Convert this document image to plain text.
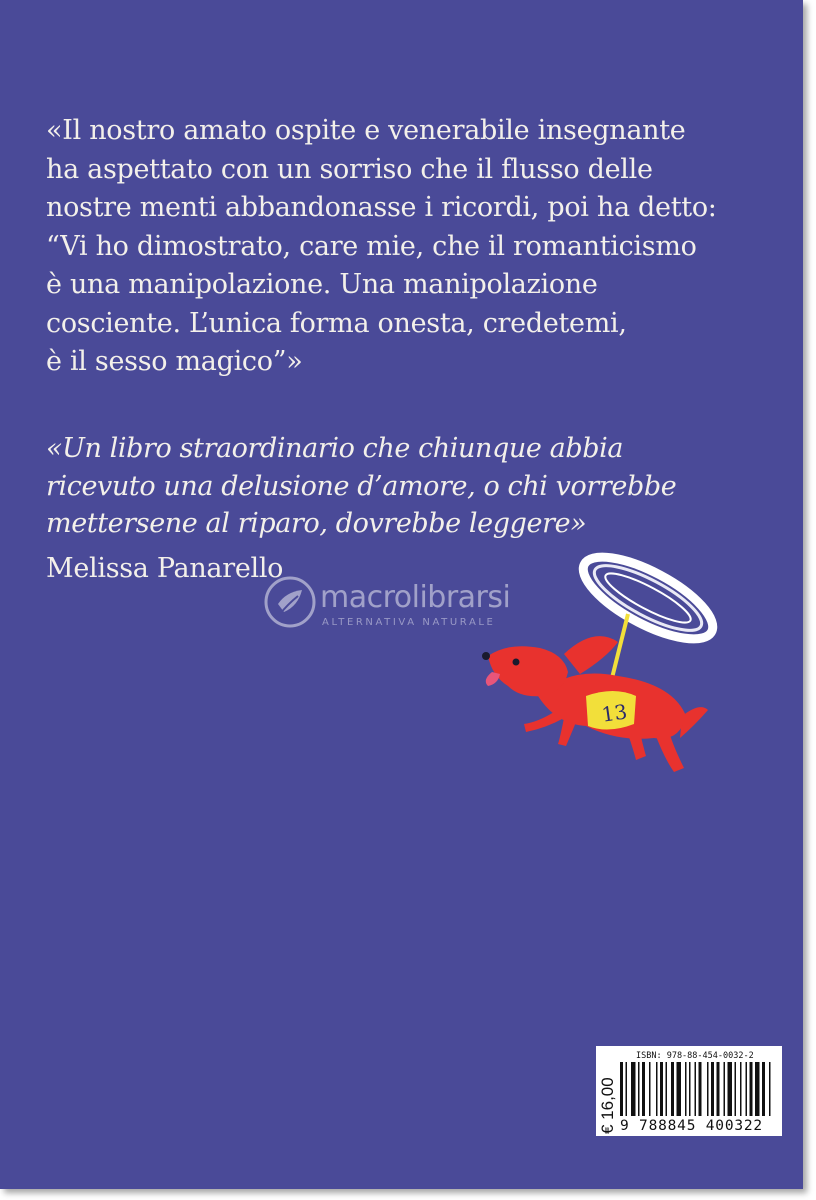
«Il nostro amato ospite e venerabile insegnante
ha aspettato con un sorriso che il flusso delle
nostre menti abbandonasse i ricordi, poi ha detto:
“Vi ho dimostrato, care mie, che il romanticismo
è una manipolazione. Una manipolazione
cosciente. L’unica forma onesta, credetemi,
è il sesso magico”»

«Un libro straordinario che chiunque abbia
ricevuto una delusione d’amore, o chi vorrebbe
mettersene al riparo, dovrebbe leggere»

Melissa Panarello
macrolibrarsi
ALTERNATIVA NATURALE
13
€ 16,00
ISBN: 978-88-454-0032-2
9 788845 400322
